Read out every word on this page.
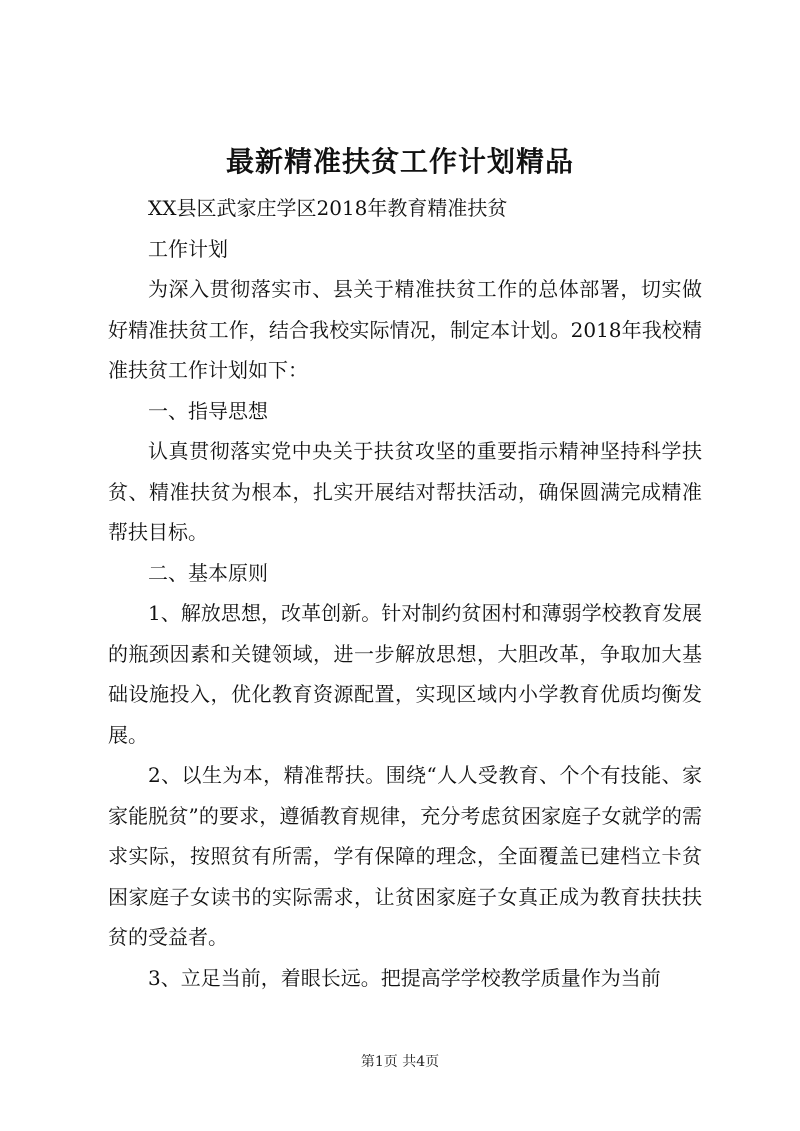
最新精准扶贫工作计划精品

XX县区武家庄学区2018年教育精准扶贫

工作计划

为深入贯彻落实市、县关于精准扶贫工作的总体部署，切实做好精准扶贫工作，结合我校实际情况，制定本计划。2018年我校精准扶贫工作计划如下：

一、指导思想

认真贯彻落实党中央关于扶贫攻坚的重要指示精神坚持科学扶贫、精准扶贫为根本，扎实开展结对帮扶活动，确保圆满完成精准帮扶目标。

二、基本原则

1、解放思想，改革创新。针对制约贫困村和薄弱学校教育发展的瓶颈因素和关键领域，进一步解放思想，大胆改革，争取加大基础设施投入，优化教育资源配置，实现区域内小学教育优质均衡发展。

2、以生为本，精准帮扶。围绕“人人受教育、个个有技能、家家能脱贫”的要求，遵循教育规律，充分考虑贫困家庭子女就学的需求实际，按照贫有所需，学有保障的理念，全面覆盖已建档立卡贫困家庭子女读书的实际需求，让贫困家庭子女真正成为教育扶扶扶贫的受益者。

3、立足当前，着眼长远。把提高学学校教学质量作为当前

第1页 共4页
